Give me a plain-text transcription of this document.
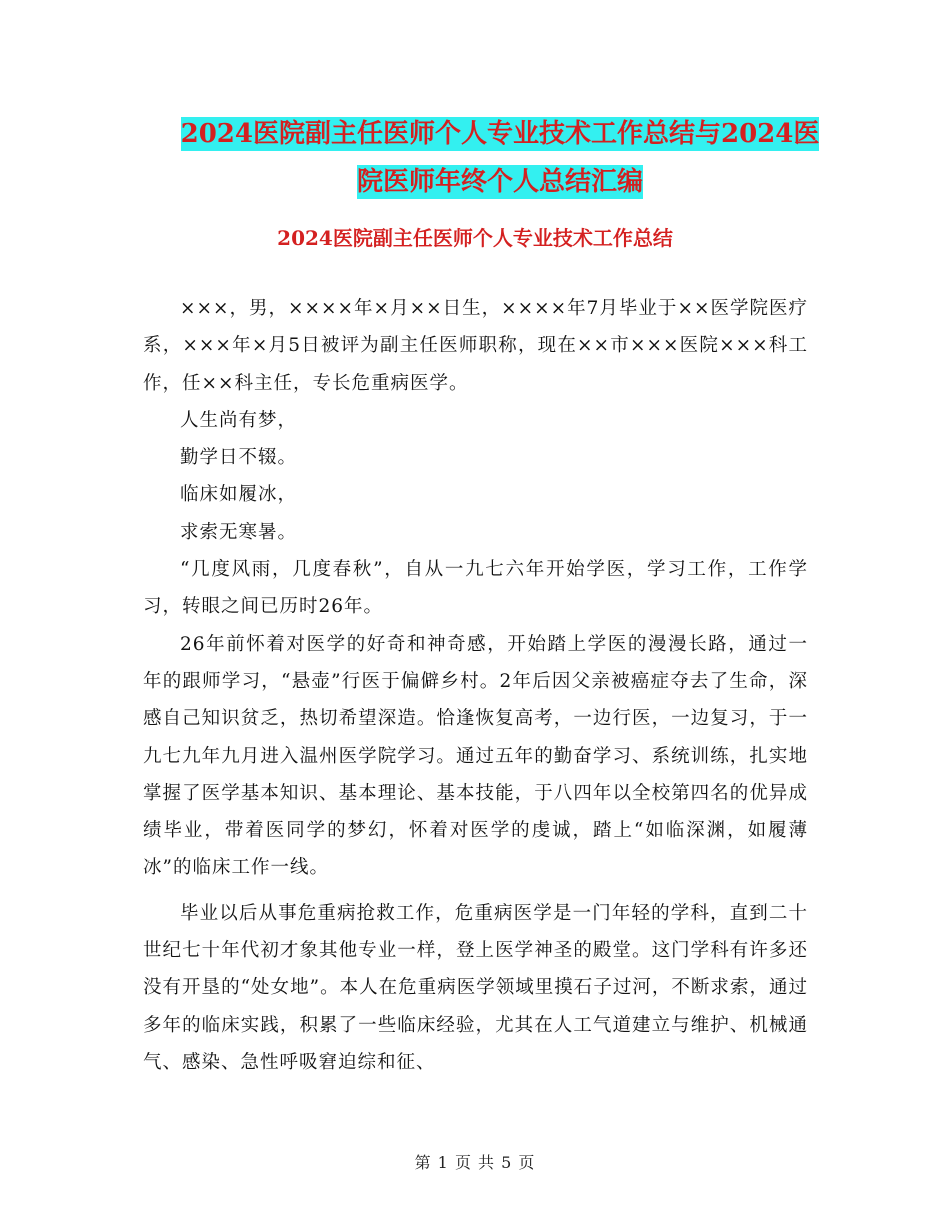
2024医院副主任医师个人专业技术工作总结与2024医
院医师年终个人总结汇编
2024医院副主任医师个人专业技术工作总结

×××，男，××××年×月××日生，××××年7月毕业于××医学院医疗系，×××年×月5日被评为副主任医师职称，现在××市×××医院×××科工作，任××科主任，专长危重病医学。

人生尚有梦，

勤学日不辍。

临床如履冰，

求索无寒暑。

“几度风雨，几度春秋”，自从一九七六年开始学医，学习工作，工作学习，转眼之间已历时26年。

26年前怀着对医学的好奇和神奇感，开始踏上学医的漫漫长路，通过一年的跟师学习，“悬壶”行医于偏僻乡村。2年后因父亲被癌症夺去了生命，深感自己知识贫乏，热切希望深造。恰逢恢复高考，一边行医，一边复习，于一九七九年九月进入温州医学院学习。通过五年的勤奋学习、系统训练，扎实地掌握了医学基本知识、基本理论、基本技能，于八四年以全校第四名的优异成绩毕业，带着医同学的梦幻，怀着对医学的虔诚，踏上“如临深渊，如履薄冰”的临床工作一线。

毕业以后从事危重病抢救工作，危重病医学是一门年轻的学科，直到二十世纪七十年代初才象其他专业一样，登上医学神圣的殿堂。这门学科有许多还没有开垦的“处女地”。本人在危重病医学领域里摸石子过河，不断求索，通过多年的临床实践，积累了一些临床经验，尤其在人工气道建立与维护、机械通气、感染、急性呼吸窘迫综和征、

第 1 页 共 5 页
